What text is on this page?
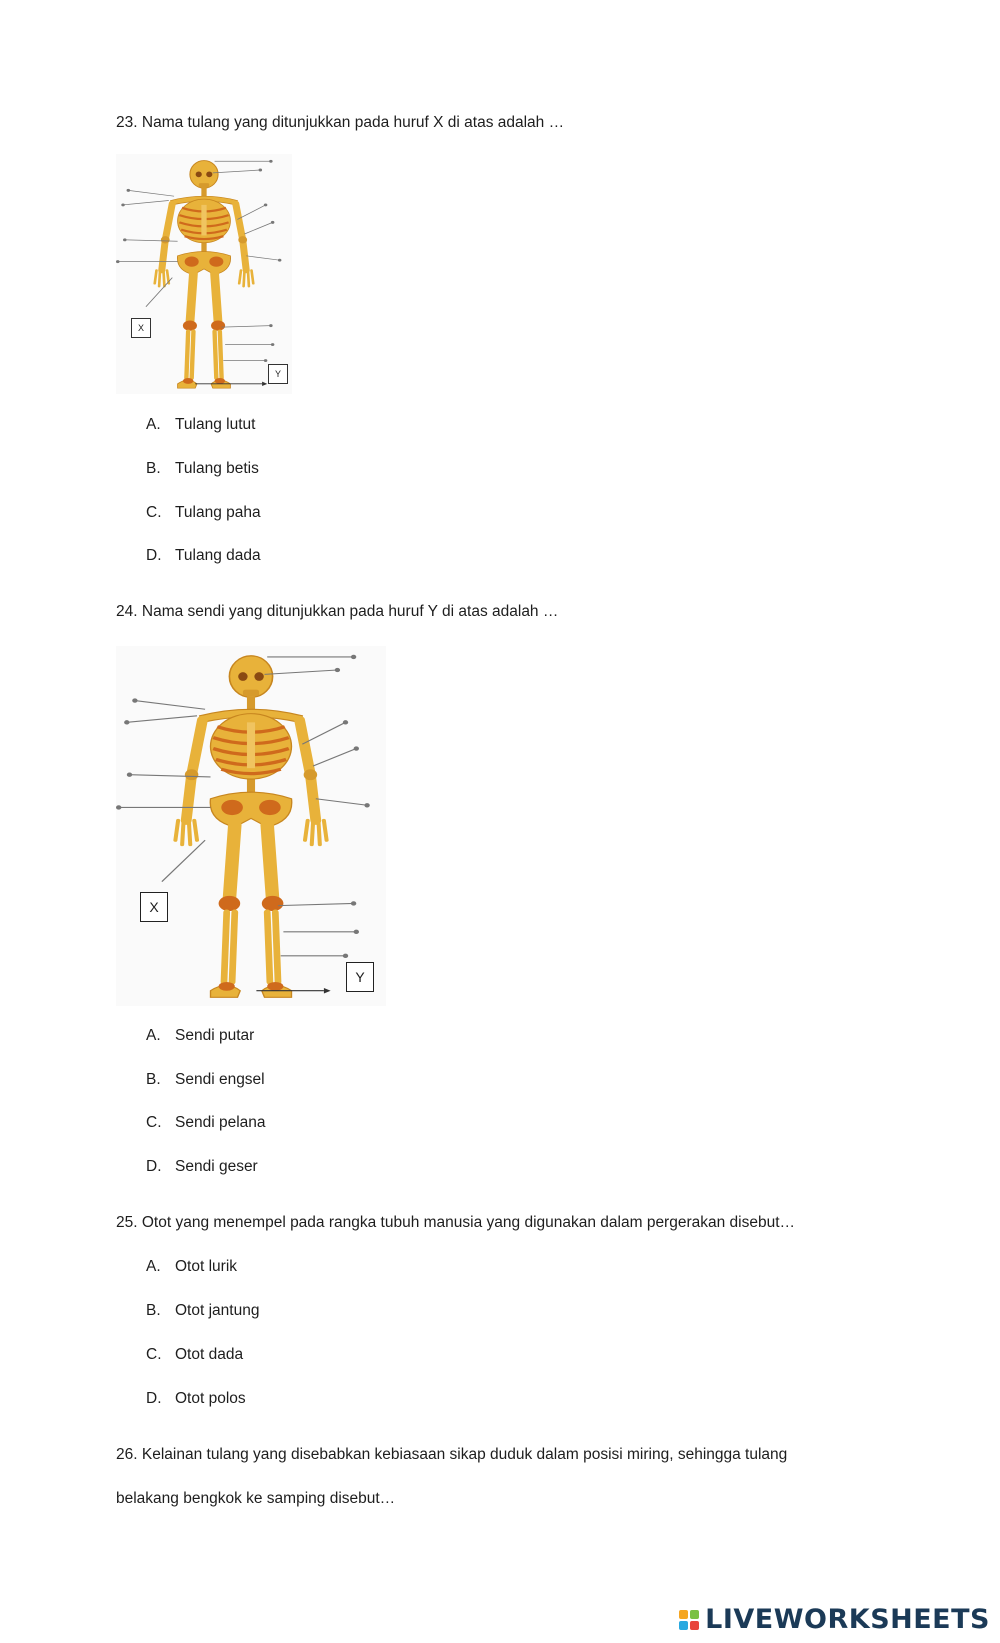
23. Nama tulang yang ditunjukkan pada huruf X di atas adalah …
X
Y
A. Tulang lutut
B. Tulang betis
C. Tulang paha
D. Tulang dada
24. Nama sendi yang ditunjukkan pada huruf Y di atas adalah …
X
Y
A. Sendi putar
B. Sendi engsel
C. Sendi pelana
D. Sendi geser
25. Otot yang menempel pada rangka tubuh manusia yang digunakan dalam pergerakan disebut…
A. Otot lurik
B. Otot jantung
C. Otot dada
D. Otot polos
26. Kelainan tulang yang disebabkan kebiasaan sikap duduk dalam posisi miring, sehingga tulang
belakang bengkok ke samping disebut…
LIVEWORKSHEETS
